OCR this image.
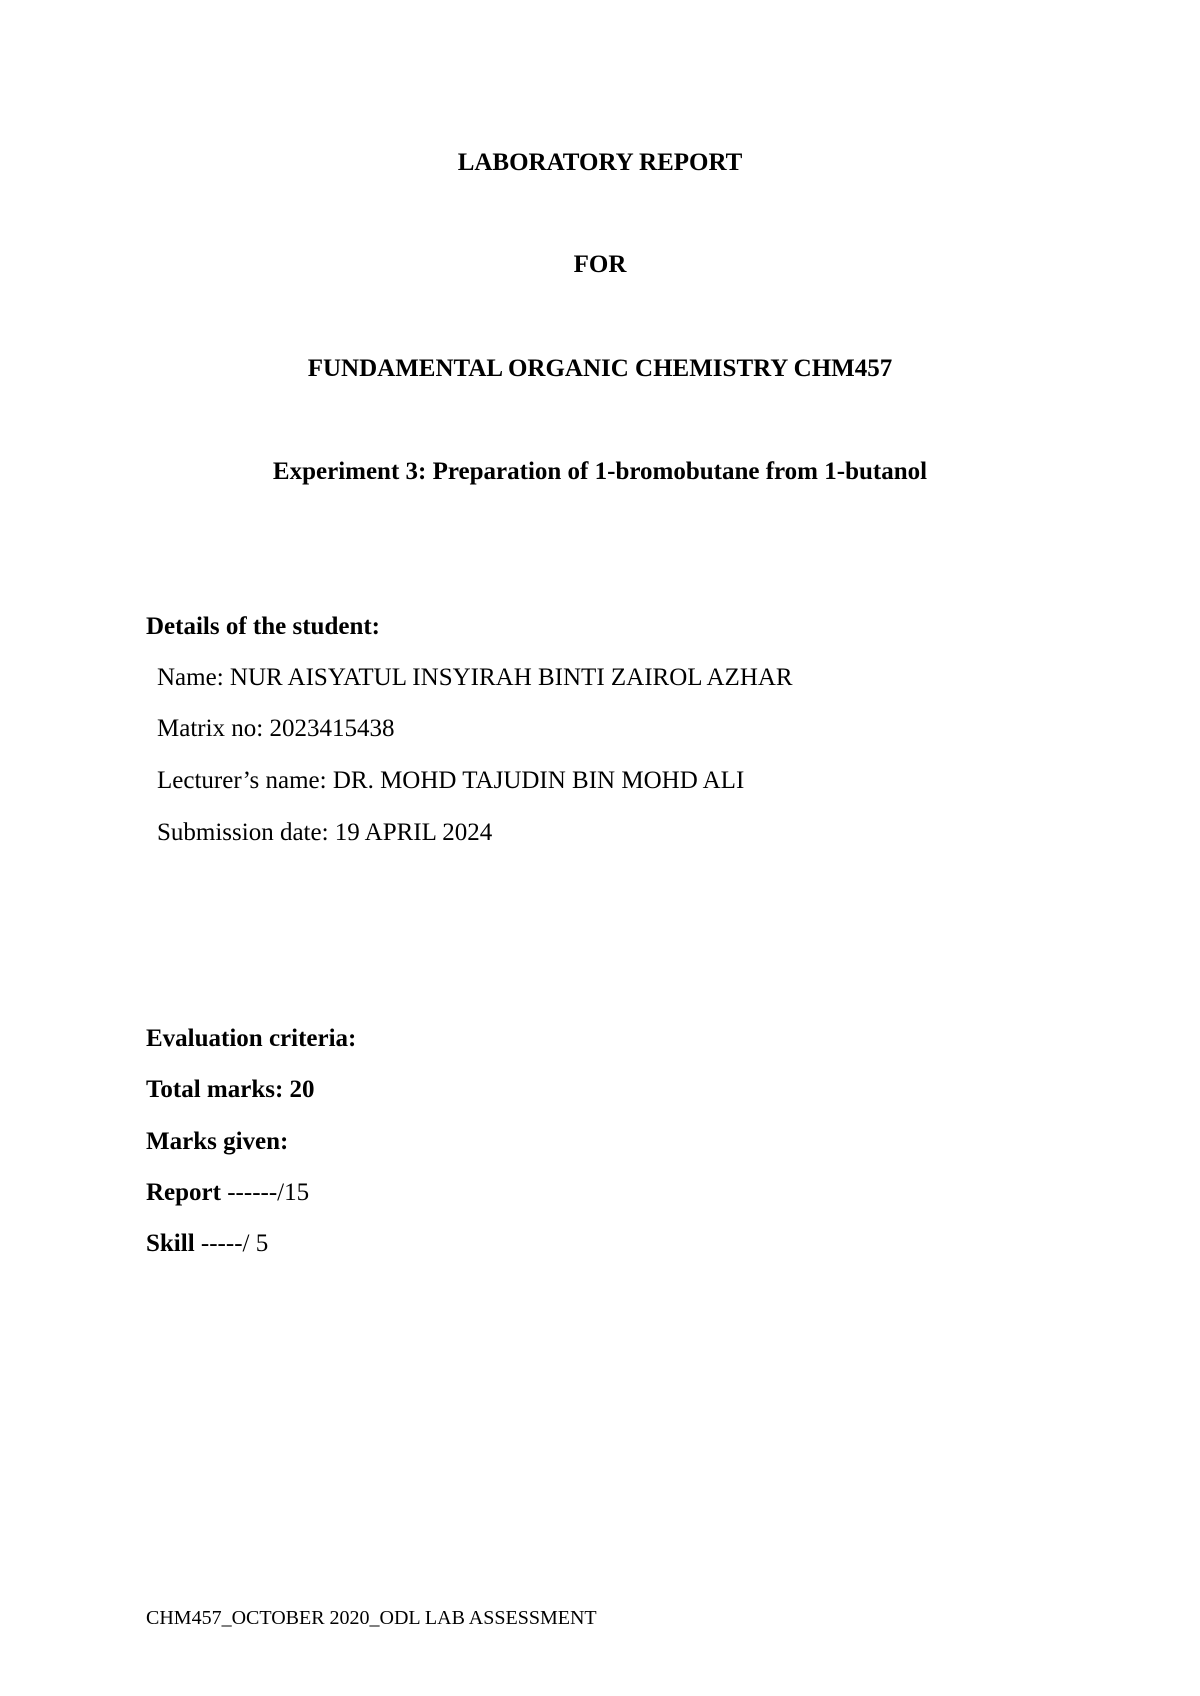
LABORATORY REPORT
FOR
FUNDAMENTAL ORGANIC CHEMISTRY CHM457
Experiment 3: Preparation of 1-bromobutane from 1-butanol
Details of the student:
Name: NUR AISYATUL INSYIRAH BINTI ZAIROL AZHAR
Matrix no: 2023415438
Lecturer’s name: DR. MOHD TAJUDIN BIN MOHD ALI
Submission date: 19 APRIL 2024
Evaluation criteria:
Total marks: 20
Marks given:
Report ------/15
Skill -----/ 5
CHM457_OCTOBER 2020_ODL LAB ASSESSMENT
